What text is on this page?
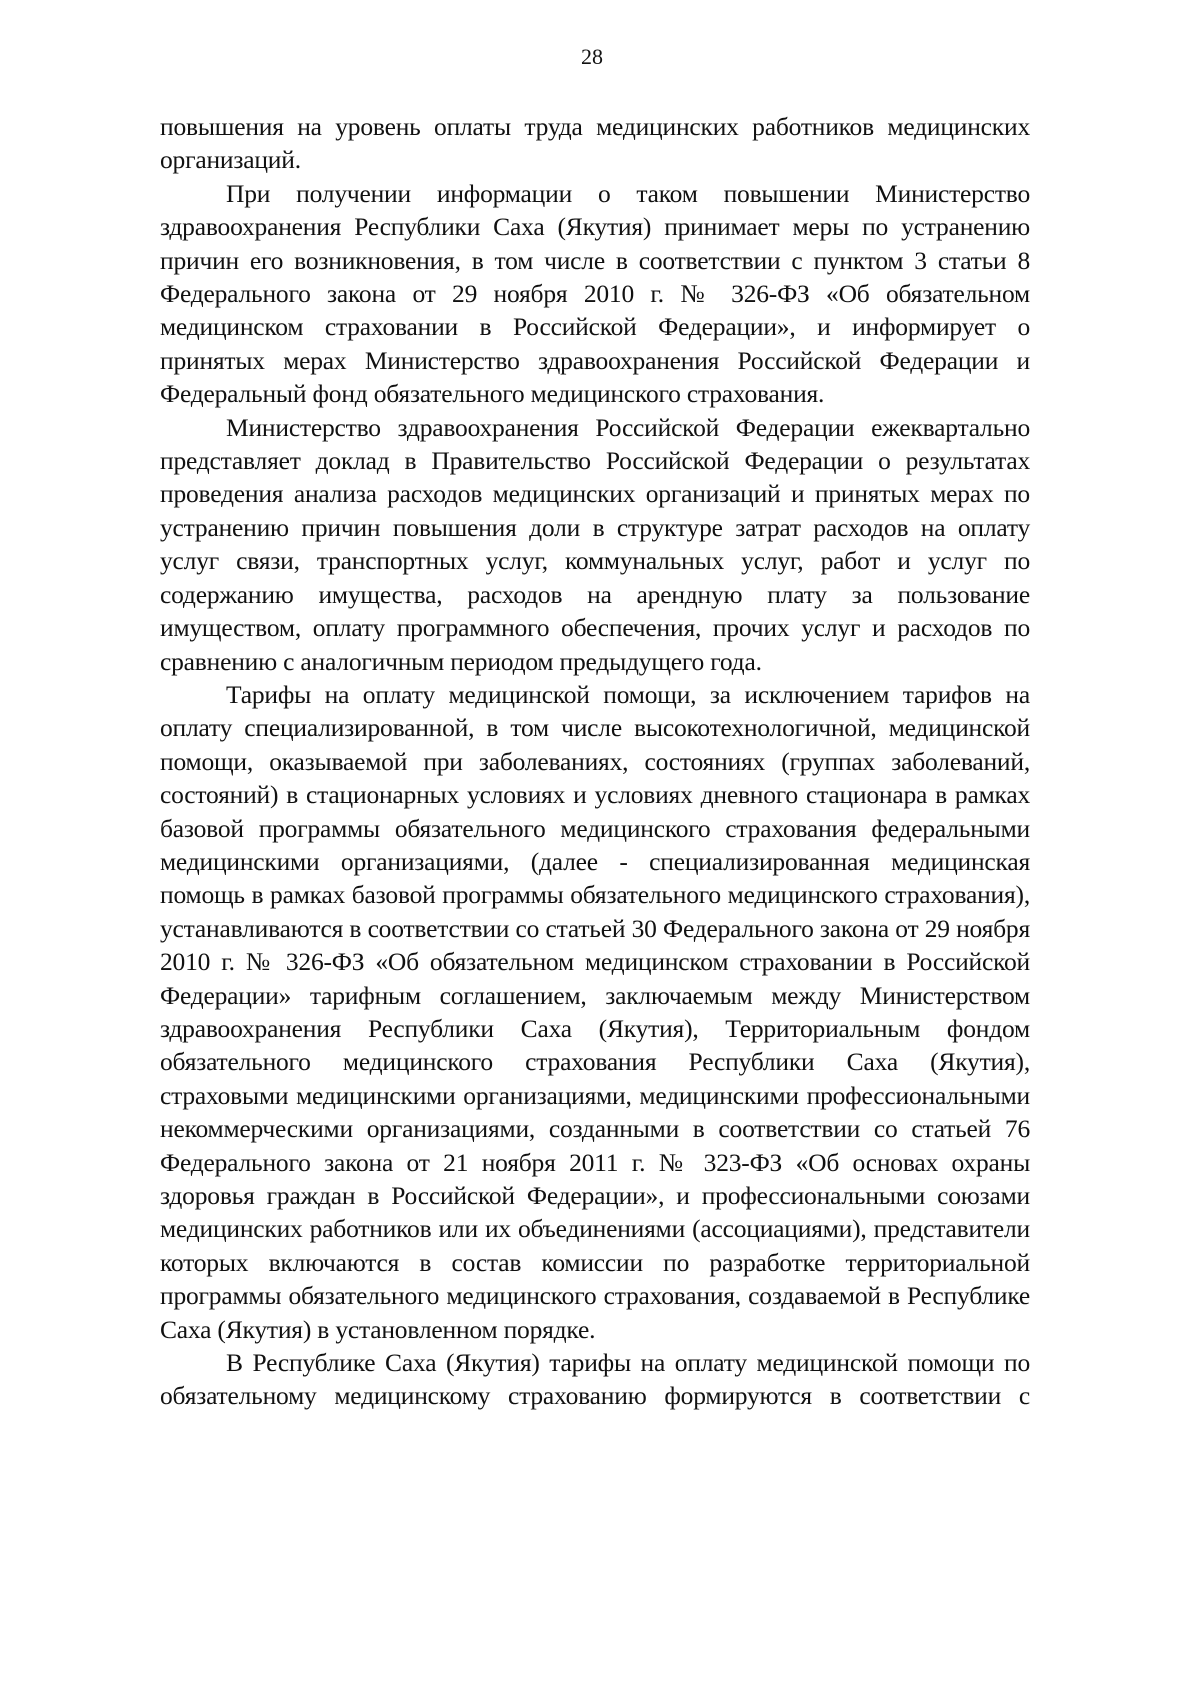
28

повышения на уровень оплаты труда медицинских работников медицинских организаций.

При получении информации о таком повышении Министерство здравоохранения Республики Саха (Якутия) принимает меры по устранению причин его возникновения, в том числе в соответствии с пунктом 3 статьи 8 Федерального закона от 29 ноября 2010 г. № 326-ФЗ «Об обязательном медицинском страховании в Российской Федерации», и информирует о принятых мерах Министерство здравоохранения Российской Федерации и Федеральный фонд обязательного медицинского страхования.

Министерство здравоохранения Российской Федерации ежеквартально представляет доклад в Правительство Российской Федерации о результатах проведения анализа расходов медицинских организаций и принятых мерах по устранению причин повышения доли в структуре затрат расходов на оплату услуг связи, транспортных услуг, коммунальных услуг, работ и услуг по содержанию имущества, расходов на арендную плату за пользование имуществом, оплату программного обеспечения, прочих услуг и расходов по сравнению с аналогичным периодом предыдущего года.

Тарифы на оплату медицинской помощи, за исключением тарифов на оплату специализированной, в том числе высокотехнологичной, медицинской помощи, оказываемой при заболеваниях, состояниях (группах заболеваний, состояний) в стационарных условиях и условиях дневного стационара в рамках базовой программы обязательного медицинского страхования федеральными медицинскими организациями, (далее - специализированная медицинская помощь в рамках базовой программы обязательного медицинского страхования), устанавливаются в соответствии со статьей 30 Федерального закона от 29 ноября 2010 г. № 326-ФЗ «Об обязательном медицинском страховании в Российской Федерации» тарифным соглашением, заключаемым между Министерством здравоохранения Республики Саха (Якутия), Территориальным фондом обязательного медицинского страхования Республики Саха (Якутия), страховыми медицинскими организациями, медицинскими профессиональными некоммерческими организациями, созданными в соответствии со статьей 76 Федерального закона от 21 ноября 2011 г. № 323-ФЗ «Об основах охраны здоровья граждан в Российской Федерации», и профессиональными союзами медицинских работников или их объединениями (ассоциациями), представители которых включаются в состав комиссии по разработке территориальной программы обязательного медицинского страхования, создаваемой в Республике Саха (Якутия) в установленном порядке.

В Республике Саха (Якутия) тарифы на оплату медицинской помощи по обязательному медицинскому страхованию формируются в соответствии с
